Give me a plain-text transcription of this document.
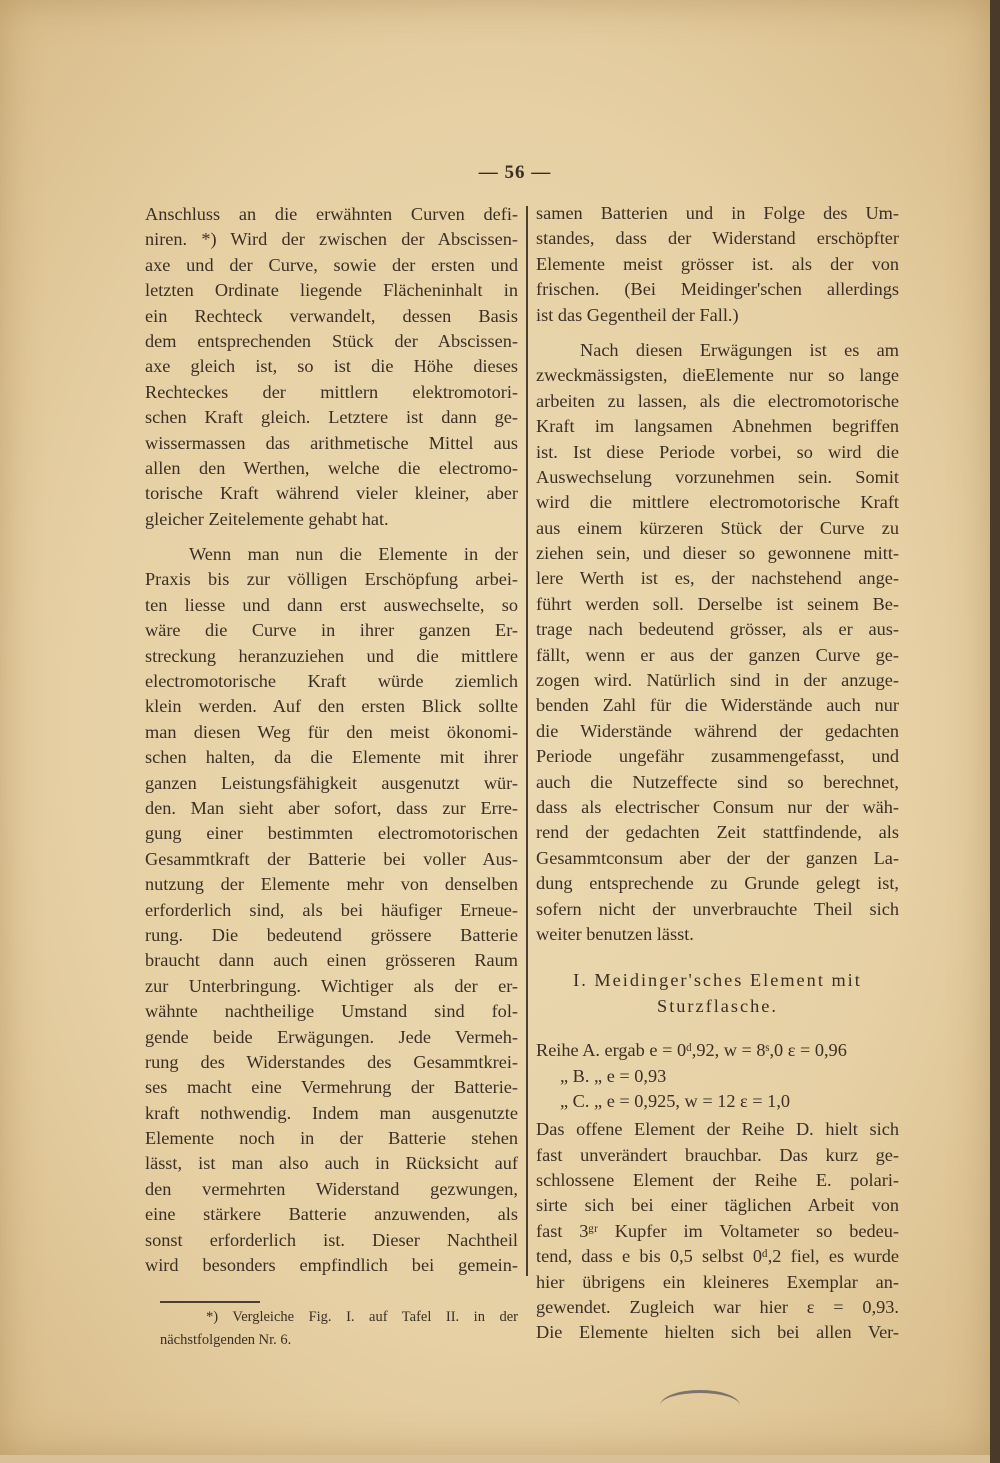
— 56 —
Anschluss an die erwähnten Curven defi-
niren. *) Wird der zwischen der Abscissen-
axe und der Curve, sowie der ersten und
letzten Ordinate liegende Flächeninhalt in
ein Rechteck verwandelt, dessen Basis
dem entsprechenden Stück der Abscissen-
axe gleich ist, so ist die Höhe dieses
Rechteckes der mittlern elektromotori-
schen Kraft gleich. Letztere ist dann ge-
wissermassen das arithmetische Mittel aus
allen den Werthen, welche die electromo-
torische Kraft während vieler kleiner, aber
gleicher Zeitelemente gehabt hat.
Wenn man nun die Elemente in der
Praxis bis zur völligen Erschöpfung arbei-
ten liesse und dann erst auswechselte, so
wäre die Curve in ihrer ganzen Er-
streckung heranzuziehen und die mittlere
electromotorische Kraft würde ziemlich
klein werden. Auf den ersten Blick sollte
man diesen Weg für den meist ökonomi-
schen halten, da die Elemente mit ihrer
ganzen Leistungsfähigkeit ausgenutzt wür-
den. Man sieht aber sofort, dass zur Erre-
gung einer bestimmten electromotorischen
Gesammtkraft der Batterie bei voller Aus-
nutzung der Elemente mehr von denselben
erforderlich sind, als bei häufiger Erneue-
rung. Die bedeutend grössere Batterie
braucht dann auch einen grösseren Raum
zur Unterbringung. Wichtiger als der er-
wähnte nachtheilige Umstand sind fol-
gende beide Erwägungen. Jede Vermeh-
rung des Widerstandes des Gesammtkrei-
ses macht eine Vermehrung der Batterie-
kraft nothwendig. Indem man ausgenutzte
Elemente noch in der Batterie stehen
lässt, ist man also auch in Rücksicht auf
den vermehrten Widerstand gezwungen,
eine stärkere Batterie anzuwenden, als
sonst erforderlich ist. Dieser Nachtheil
wird besonders empfindlich bei gemein-
samen Batterien und in Folge des Um-
standes, dass der Widerstand erschöpfter
Elemente meist grösser ist. als der von
frischen. (Bei Meidinger'schen allerdings
ist das Gegentheil der Fall.)
Nach diesen Erwägungen ist es am
zweckmässigsten, dieElemente nur so lange
arbeiten zu lassen, als die electromotorische
Kraft im langsamen Abnehmen begriffen
ist. Ist diese Periode vorbei, so wird die
Auswechselung vorzunehmen sein. Somit
wird die mittlere electromotorische Kraft
aus einem kürzeren Stück der Curve zu
ziehen sein, und dieser so gewonnene mitt-
lere Werth ist es, der nachstehend ange-
führt werden soll. Derselbe ist seinem Be-
trage nach bedeutend grösser, als er aus-
fällt, wenn er aus der ganzen Curve ge-
zogen wird. Natürlich sind in der anzuge-
benden Zahl für die Widerstände auch nur
die Widerstände während der gedachten
Periode ungefähr zusammengefasst, und
auch die Nutzeffecte sind so berechnet,
dass als electrischer Consum nur der wäh-
rend der gedachten Zeit stattfindende, als
Gesammtconsum aber der der ganzen La-
dung entsprechende zu Grunde gelegt ist,
sofern nicht der unverbrauchte Theil sich
weiter benutzen lässt.
I. Meidinger'sches Element mit
Sturzflasche.
Reihe A. ergab e = 0ᵈ,92, w = 8ˢ,0 ε = 0,96
„ B. „ e = 0,93
„ C. „ e = 0,925, w = 12 ε = 1,0
Das offene Element der Reihe D. hielt sich
fast unverändert brauchbar. Das kurz ge-
schlossene Element der Reihe E. polari-
sirte sich bei einer täglichen Arbeit von
fast 3ᵍʳ Kupfer im Voltameter so bedeu-
tend, dass e bis 0,5 selbst 0ᵈ,2 fiel, es wurde
hier übrigens ein kleineres Exemplar an-
gewendet. Zugleich war hier ε = 0,93.
Die Elemente hielten sich bei allen Ver-
*) Vergleiche Fig. I. auf Tafel II. in der
nächstfolgenden Nr. 6.
